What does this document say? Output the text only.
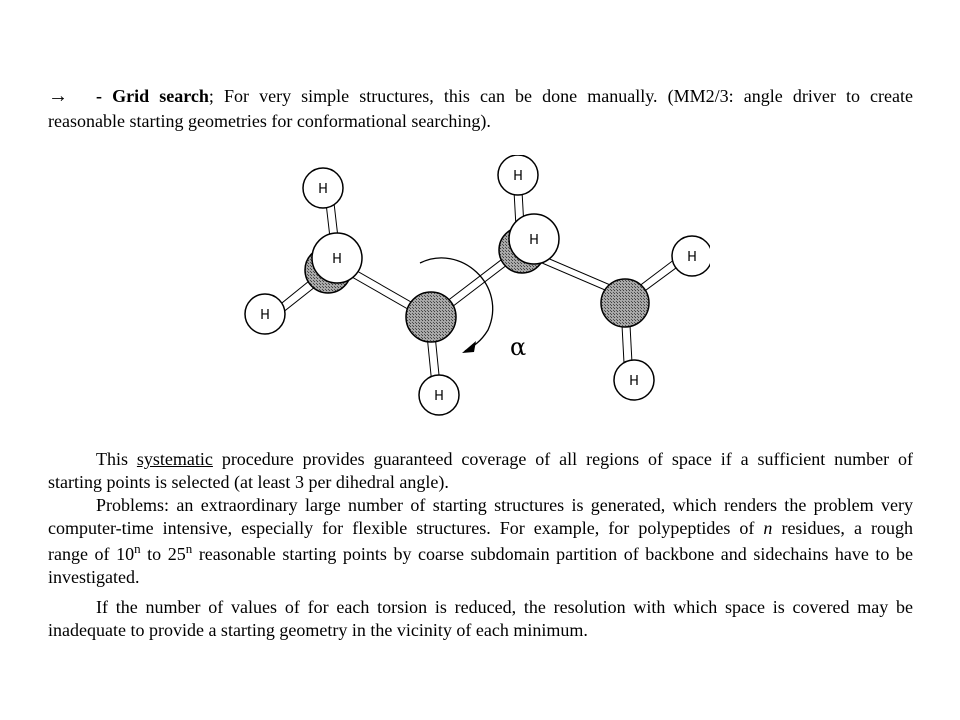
→ - Grid search; For very simple structures, this can be done manually. (MM2/3: angle driver to create
reasonable starting geometries for conformational searching).
H
H
H
H
H
H
H
H
α
This systematic procedure provides guaranteed coverage of all regions of space if a sufficient number of
starting points is selected (at least 3 per dihedral angle).
Problems: an extraordinary large number of starting structures is generated, which renders the problem very
computer-time intensive, especially for flexible structures. For example, for polypeptides of n residues, a rough
range of 10$^n$ to 25$^n$ reasonable starting points by coarse subdomain partition of backbone and sidechains have to be
investigated.
If the number of values of for each torsion is reduced, the resolution with which space is covered may be
inadequate to provide a starting geometry in the vicinity of each minimum.
